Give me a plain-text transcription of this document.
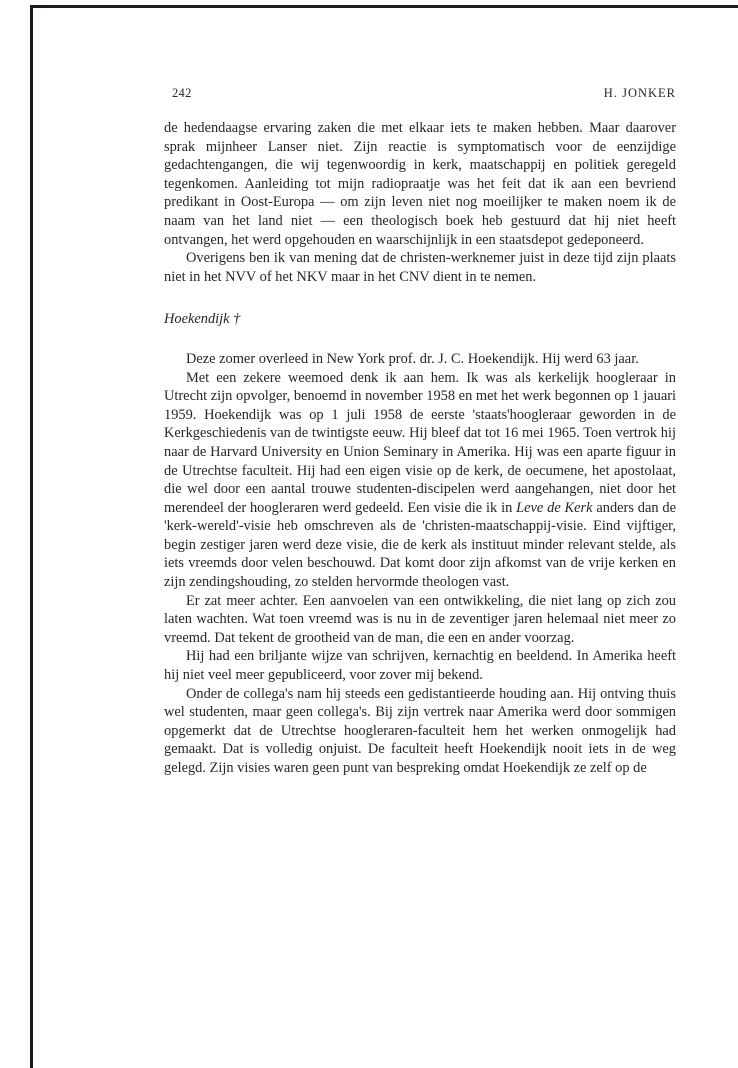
242	H. JONKER

de hedendaagse ervaring zaken die met elkaar iets te maken hebben. Maar daarover sprak mijnheer Lanser niet. Zijn reactie is symptomatisch voor de eenzijdige gedachtengangen, die wij tegenwoordig in kerk, maatschappij en politiek geregeld tegenkomen. Aanleiding tot mijn radiopraatje was het feit dat ik aan een bevriend predikant in Oost-Europa — om zijn leven niet nog moeilijker te maken noem ik de naam van het land niet — een theologisch boek heb gestuurd dat hij niet heeft ontvangen, het werd opgehouden en waarschijnlijk in een staatsdepot gedeponeerd.

Overigens ben ik van mening dat de christen-werknemer juist in deze tijd zijn plaats niet in het NVV of het NKV maar in het CNV dient in te nemen.

Hoekendijk †

Deze zomer overleed in New York prof. dr. J. C. Hoekendijk. Hij werd 63 jaar.

Met een zekere weemoed denk ik aan hem. Ik was als kerkelijk hoogleraar in Utrecht zijn opvolger, benoemd in november 1958 en met het werk begonnen op 1 jauari 1959. Hoekendijk was op 1 juli 1958 de eerste 'staats'hoogleraar geworden in de Kerkgeschiedenis van de twintigste eeuw. Hij bleef dat tot 16 mei 1965. Toen vertrok hij naar de Harvard University en Union Seminary in Amerika. Hij was een aparte figuur in de Utrechtse faculteit. Hij had een eigen visie op de kerk, de oecumene, het apostolaat, die wel door een aantal trouwe studenten-discipelen werd aangehangen, niet door het merendeel der hoogleraren werd gedeeld. Een visie die ik in Leve de Kerk anders dan de 'kerk-wereld'-visie heb omschreven als de 'christen-maatschappij-visie. Eind vijftiger, begin zestiger jaren werd deze visie, die de kerk als instituut minder relevant stelde, als iets vreemds door velen beschouwd. Dat komt door zijn afkomst van de vrije kerken en zijn zendingshouding, zo stelden hervormde theologen vast.

Er zat meer achter. Een aanvoelen van een ontwikkeling, die niet lang op zich zou laten wachten. Wat toen vreemd was is nu in de zeventiger jaren helemaal niet meer zo vreemd. Dat tekent de grootheid van de man, die een en ander voorzag.

Hij had een briljante wijze van schrijven, kernachtig en beeldend. In Amerika heeft hij niet veel meer gepubliceerd, voor zover mij bekend.

Onder de collega's nam hij steeds een gedistantieerde houding aan. Hij ontving thuis wel studenten, maar geen collega's. Bij zijn vertrek naar Amerika werd door sommigen opgemerkt dat de Utrechtse hoogleraren-faculteit hem het werken onmogelijk had gemaakt. Dat is volledig onjuist. De faculteit heeft Hoekendijk nooit iets in de weg gelegd. Zijn visies waren geen punt van bespreking omdat Hoekendijk ze zelf op de
